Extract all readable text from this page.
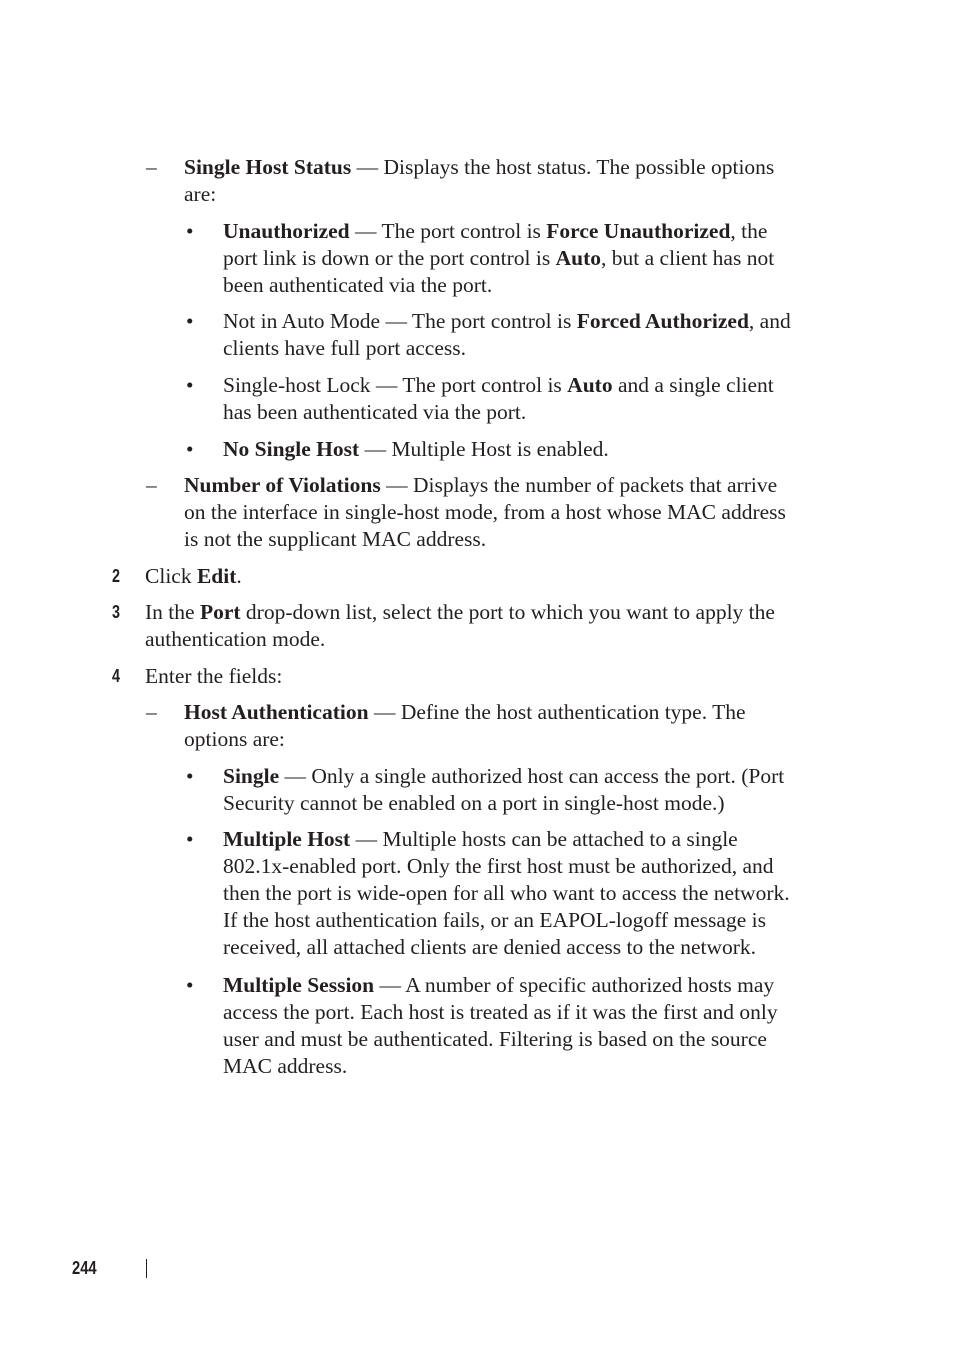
– Single Host Status — Displays the host status. The possible options
are:
• Unauthorized — The port control is Force Unauthorized, the
port link is down or the port control is Auto, but a client has not
been authenticated via the port.
• Not in Auto Mode — The port control is Forced Authorized, and
clients have full port access.
• Single-host Lock — The port control is Auto and a single client
has been authenticated via the port.
• No Single Host — Multiple Host is enabled.
– Number of Violations — Displays the number of packets that arrive
on the interface in single-host mode, from a host whose MAC address
is not the supplicant MAC address.
2 Click Edit.
3 In the Port drop-down list, select the port to which you want to apply the
authentication mode.
4 Enter the fields:
– Host Authentication — Define the host authentication type. The
options are:
• Single — Only a single authorized host can access the port. (Port
Security cannot be enabled on a port in single-host mode.)
• Multiple Host — Multiple hosts can be attached to a single
802.1x-enabled port. Only the first host must be authorized, and
then the port is wide-open for all who want to access the network.
If the host authentication fails, or an EAPOL-logoff message is
received, all attached clients are denied access to the network.
• Multiple Session — A number of specific authorized hosts may
access the port. Each host is treated as if it was the first and only
user and must be authenticated. Filtering is based on the source
MAC address.
244
